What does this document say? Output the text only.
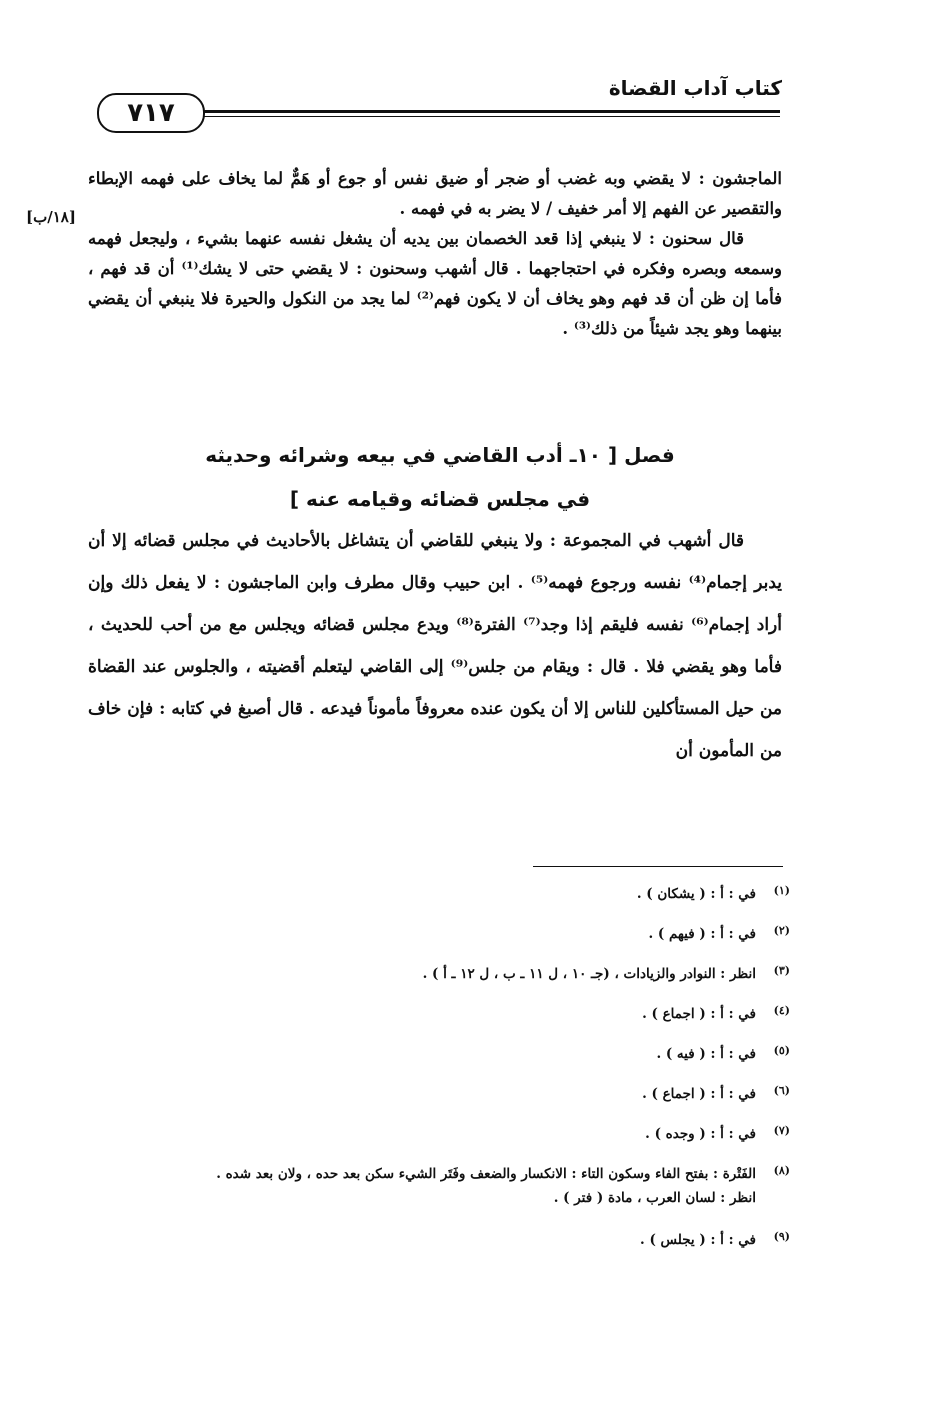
كتاب آداب القضاة
٧١٧
[١٨/ب]

الماجشون : لا يقضي وبه غضب أو ضجر أو ضيق نفس أو جوع أو هَمٌّ لما يخاف على فهمه الإبطاء والتقصير عن الفهم إلا أمر خفيف / لا يضر به في فهمه .

قال سحنون : لا ينبغي إذا قعد الخصمان بين يديه أن يشغل نفسه عنهما بشيء ، وليجعل فهمه وسمعه وبصره وفكره في احتجاجهما . قال أشهب وسحنون : لا يقضي حتى لا يشك⁽¹⁾ أن قد فهم ، فأما إن ظن أن قد فهم وهو يخاف أن لا يكون فهم⁽²⁾ لما يجد من النكول والحيرة فلا ينبغي أن يقضي بينهما وهو يجد شيئاً من ذلك⁽³⁾ .

فصل [ ١٠ـ أدب القاضي في بيعه وشرائه وحديثه
في مجلس قضائه وقيامه عنه ]

قال أشهب في المجموعة : ولا ينبغي للقاضي أن يتشاغل بالأحاديث في مجلس قضائه إلا أن يدبر إجمام⁽⁴⁾ نفسه ورجوع فهمه⁽⁵⁾ . ابن حبيب وقال مطرف وابن الماجشون : لا يفعل ذلك وإن أراد إجمام⁽⁶⁾ نفسه فليقم إذا وجد⁽⁷⁾ الفترة⁽⁸⁾ ويدع مجلس قضائه ويجلس مع من أحب للحديث ، فأما وهو يقضي فلا . قال : ويقام من جلس⁽⁹⁾ إلى القاضي ليتعلم أقضيته ، والجلوس عند القضاة من حيل المستأكلين للناس إلا أن يكون عنده معروفاً مأموناً فيدعه . قال أصبغ في كتابه : فإن خاف من المأمون أن

(١)
في : أ : ( يشكان ) .
(٢)
في : أ : ( فيهم ) .
(٣)
انظر : النوادر والزيادات ، (جـ ١٠ ، ل ١١ ـ ب ، ل ١٢ ـ أ ) .
(٤)
في : أ : ( اجماع ) .
(٥)
في : أ : ( فيه ) .
(٦)
في : أ : ( اجماع ) .
(٧)
في : أ : ( وجده ) .
(٨)
الفَتْرة : بفتح الفاء وسكون التاء : الانكسار والضعف وفَتَر الشيء سكن بعد حده ، ولان بعد شده .
انظر : لسان العرب ، مادة ( فتر ) .
(٩)
في : أ : ( يجلس ) .
